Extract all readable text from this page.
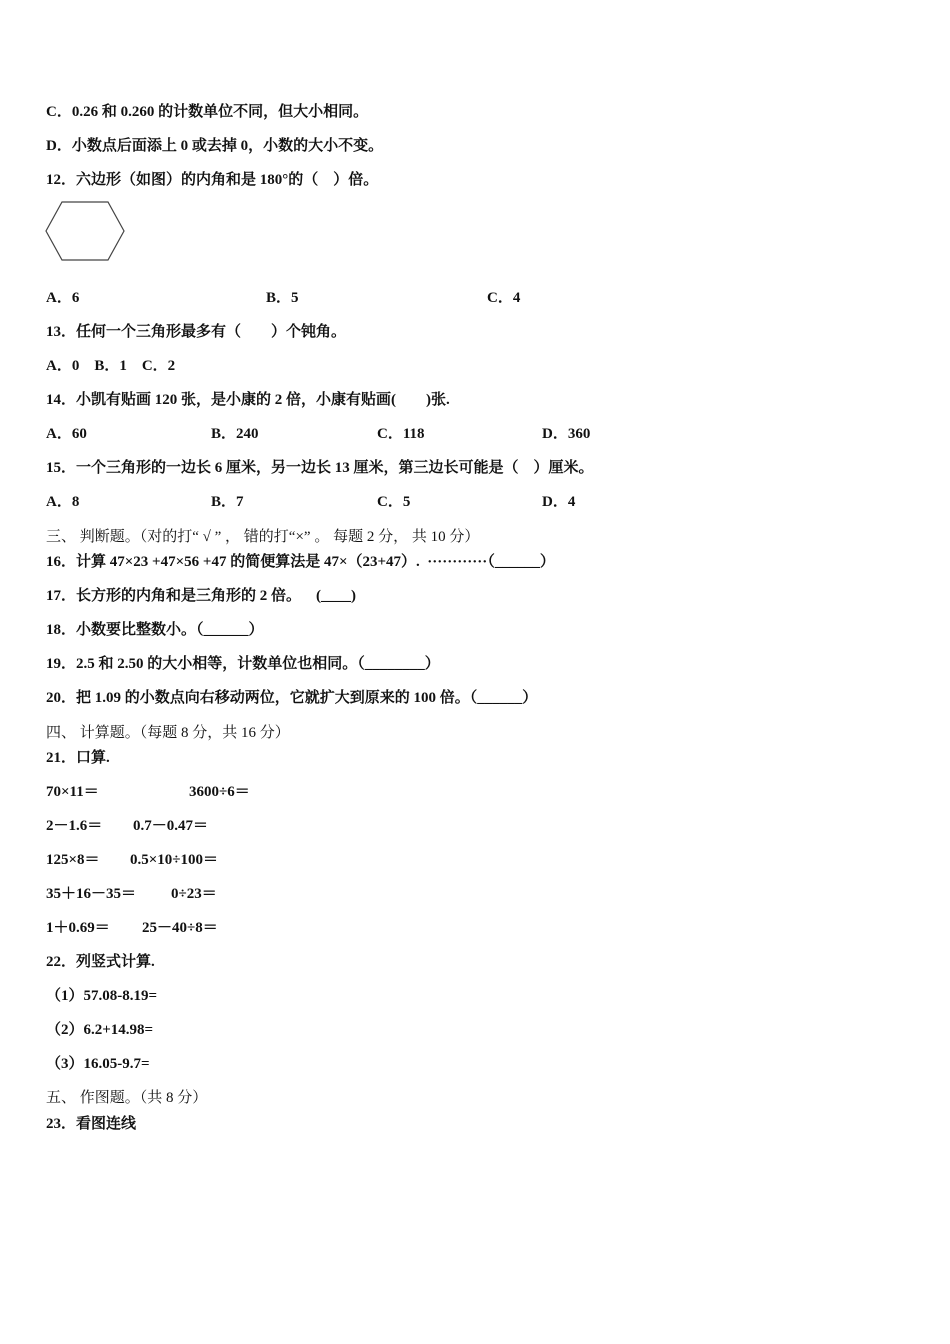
C．0.26 和 0.260 的计数单位不同，但大小相同。
D．小数点后面添上 0 或去掉 0，小数的大小不变。
12．六边形（如图）的内角和是 180°的（    ）倍。
A．6	B．5	C．4
13．任何一个三角形最多有（        ）个钝角。
A．0    B．1    C．2
14．小凯有贴画 120 张，是小康的 2 倍，小康有贴画(        )张.
A．60	B．240	C．118	D．360
15．一个三角形的一边长 6 厘米，另一边长 13 厘米，第三边长可能是（    ）厘米。
A．8	B．7	C．5	D．4
三、 判断题。（对的打“ √ ” ， 错的打“×” 。 每题 2 分， 共 10 分）
16．计算 47×23 +47×56 +47 的简便算法是 47×（23+47）.  ············（______）
17．长方形的内角和是三角形的 2 倍。    (____)
18．小数要比整数小。（______）
19．2.5 和 2.50 的大小相等，计数单位也相同。（________）
20．把 1.09 的小数点向右移动两位，它就扩大到原来的 100 倍。（______）
四、 计算题。（每题 8 分，共 16 分）
21．口算.
70×11＝	3600÷6＝
2－1.6＝ 0.7－0.47＝
125×8＝ 0.5×10÷100＝
35＋16－35＝ 0÷23＝
1＋0.69＝ 25－40÷8＝
22．列竖式计算.
（1）57.08-8.19=
（2）6.2+14.98=
（3）16.05-9.7=
五、 作图题。（共 8 分）
23．看图连线
